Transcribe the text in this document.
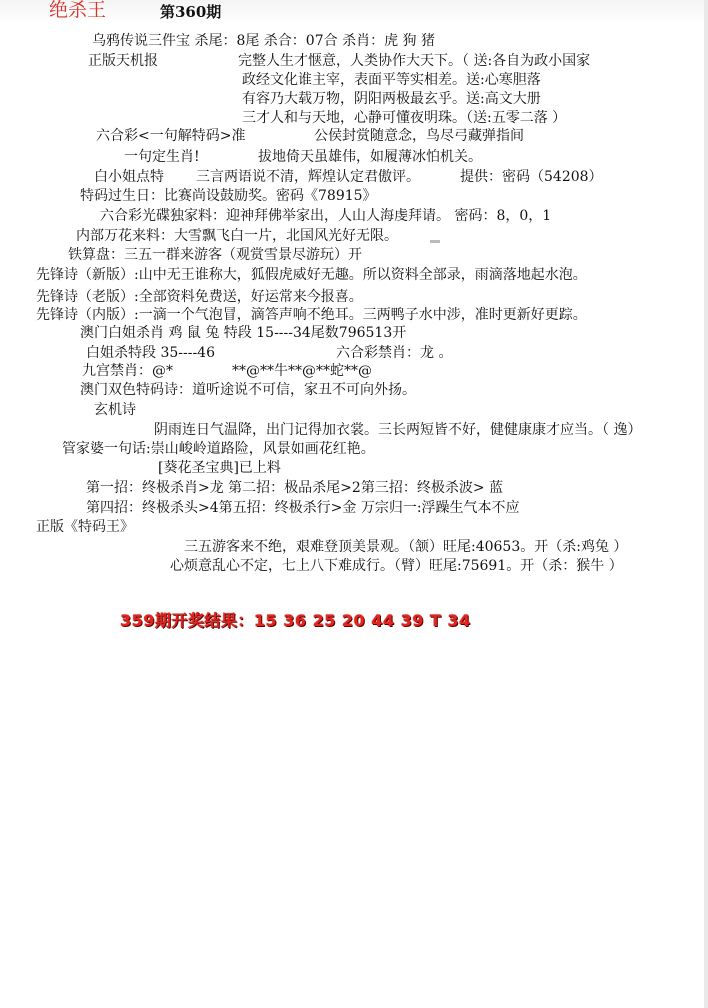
绝杀王	第360期
乌鸦传说三件宝 杀尾：8尾 杀合：07合 杀肖：虎 狗 猪
正版天机报	完整人生才惬意，人类协作大天下。（ 送:各自为政小国家
政经文化谁主宰，表面平等实相差。送:心寒胆落
有容乃大载万物，阴阳两极最玄乎。送:高文大册
三才人和与天地，心静可懂夜明珠。（送:五零二落 ）
六合彩<一句解特码>准	公侯封赏随意念，鸟尽弓藏弹指间
一句定生肖!	拔地倚天虽雄伟，如履薄冰怕机关。
白小姐点特 三言两语说不清，辉煌认定君傲评。	提供：密码（54208）
特码过生日：比赛尚设鼓励奖。密码《78915》
六合彩光碟独家料：迎神拜佛举家出，人山人海虔拜请。 密码：8，0，1
内部万花来料：大雪飘飞白一片，北国风光好无限。
铁算盘：三五一群来游客（观赏雪景尽游玩）开
先锋诗（新版）:山中无王谁称大，狐假虎威好无趣。所以资料全部录，雨滴落地起水泡。
先锋诗（老版）:全部资料免费送，好运常来今报喜。
先锋诗（内版）:一滴一个气泡冒，滴答声响不绝耳。三两鸭子水中涉，准时更新好更踪。
澳门白姐杀肖 鸡 鼠 兔 特段 15----34尾数796513开
白姐杀特段 35----46	六合彩禁肖：龙 。
九宫禁肖：@*	**@**牛**@**蛇**@
澳门双色特码诗：道听途说不可信，家丑不可向外扬。
玄机诗
阴雨连日气温降，出门记得加衣裳。三长两短皆不好，健健康康才应当。（ 逸）
管家婆一句话:崇山峻岭道路险，风景如画花红艳。
[葵花圣宝典]已上料
第一招：终极杀肖>龙 第二招：极品杀尾>2第三招：终极杀波> 蓝
第四招：终极杀头>4第五招：终极杀行>金 万宗归一:浮躁生气本不应
正版《特码王》
三五游客来不绝，艰难登顶美景观。（颔）旺尾:40653。开（杀:鸡兔 ）
心烦意乱心不定，七上八下难成行。（臂）旺尾:75691。开（杀：猴牛 ）
359期开奖结果：15 36 25 20 44 39 T 34
